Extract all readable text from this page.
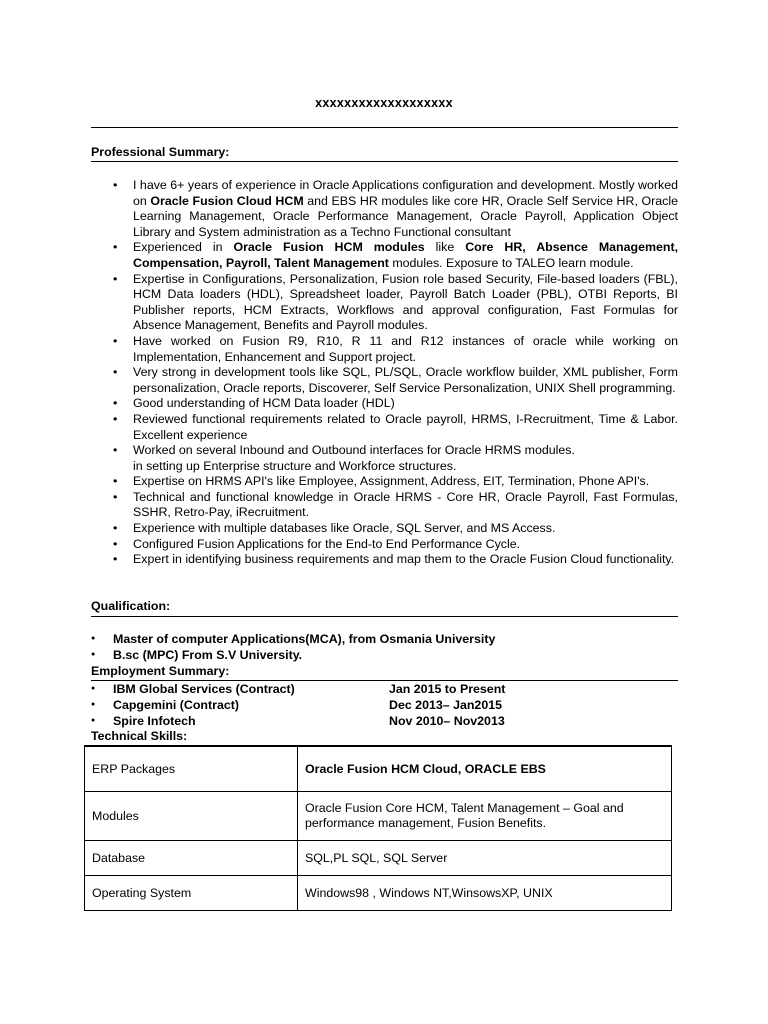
xxxxxxxxxxxxxxxxxxx
Professional Summary:
• I have 6+ years of experience in Oracle Applications configuration and development. Mostly worked on Oracle Fusion Cloud HCM and EBS HR modules like core HR, Oracle Self Service HR, Oracle Learning Management, Oracle Performance Management, Oracle Payroll, Application Object Library and System administration as a Techno Functional consultant
• Experienced in Oracle Fusion HCM modules like Core HR, Absence Management, Compensation, Payroll, Talent Management modules. Exposure to TALEO learn module.
• Expertise in Configurations, Personalization, Fusion role based Security, File-based loaders (FBL), HCM Data loaders (HDL), Spreadsheet loader, Payroll Batch Loader (PBL), OTBI Reports, BI Publisher reports, HCM Extracts, Workflows and approval configuration, Fast Formulas for Absence Management, Benefits and Payroll modules.
• Have worked on Fusion R9, R10, R 11 and R12 instances of oracle while working on Implementation, Enhancement and Support project.
• Very strong in development tools like SQL, PL/SQL, Oracle workflow builder, XML publisher, Form personalization, Oracle reports, Discoverer, Self Service Personalization, UNIX Shell programming.
• Good understanding of HCM Data loader (HDL)
• Reviewed functional requirements related to Oracle payroll, HRMS, I-Recruitment, Time & Labor. Excellent experience
• Worked on several Inbound and Outbound interfaces for Oracle HRMS modules.
in setting up Enterprise structure and Workforce structures.
• Expertise on HRMS API's like Employee, Assignment, Address, EIT, Termination, Phone API's.
• Technical and functional knowledge in Oracle HRMS - Core HR, Oracle Payroll, Fast Formulas, SSHR, Retro-Pay, iRecruitment.
• Experience with multiple databases like Oracle, SQL Server, and MS Access.
• Configured Fusion Applications for the End-to End Performance Cycle.
• Expert in identifying business requirements and map them to the Oracle Fusion Cloud functionality.
Qualification:
● Master of computer Applications(MCA), from Osmania University
● B.sc (MPC) From S.V University.
Employment Summary:
● IBM Global Services (Contract)	Jan 2015 to Present
● Capgemini (Contract)	Dec 2013– Jan2015
● Spire Infotech	Nov 2010– Nov2013
Technical Skills:
ERP Packages	Oracle Fusion HCM Cloud, ORACLE EBS
Modules	Oracle Fusion Core HCM, Talent Management – Goal and performance management, Fusion Benefits.
Database	SQL,PL SQL, SQL Server
Operating System	Windows98 , Windows NT,WinsowsXP, UNIX
